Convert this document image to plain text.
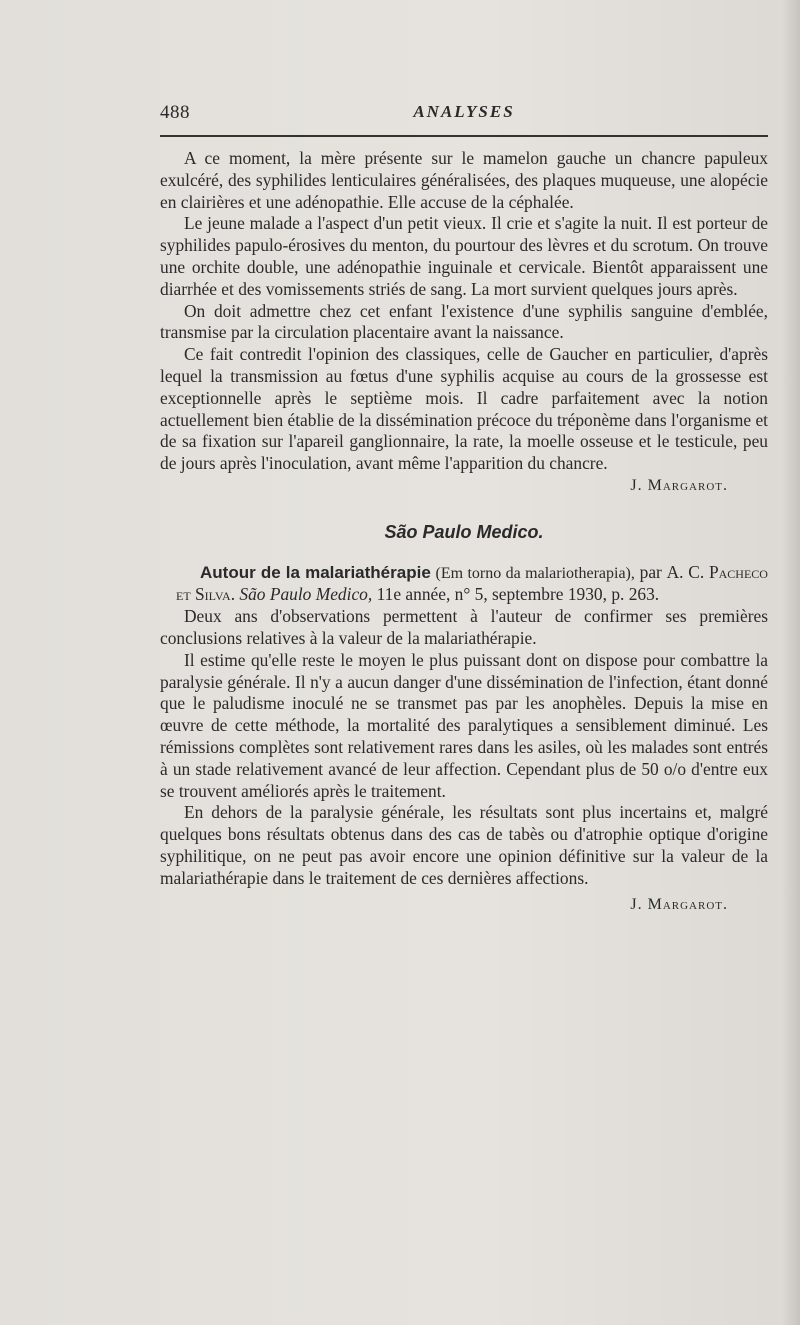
488	ANALYSES

A ce moment, la mère présente sur le mamelon gauche un chancre papuleux exulcéré, des syphilides lenticulaires généralisées, des plaques muqueuse, une alopécie en clairières et une adénopathie. Elle accuse de la céphalée.

Le jeune malade a l'aspect d'un petit vieux. Il crie et s'agite la nuit. Il est porteur de syphilides papulo-érosives du menton, du pourtour des lèvres et du scrotum. On trouve une orchite double, une adénopathie inguinale et cervicale. Bientôt apparaissent une diarrhée et des vomissements striés de sang. La mort survient quelques jours après.

On doit admettre chez cet enfant l'existence d'une syphilis sanguine d'emblée, transmise par la circulation placentaire avant la naissance.

Ce fait contredit l'opinion des classiques, celle de Gaucher en particulier, d'après lequel la transmission au fœtus d'une syphilis acquise au cours de la grossesse est exceptionnelle après le septième mois. Il cadre parfaitement avec la notion actuellement bien établie de la dissémination précoce du tréponème dans l'organisme et de sa fixation sur l'apareil ganglionnaire, la rate, la moelle osseuse et le testicule, peu de jours après l'inoculation, avant même l'apparition du chancre.

J. Margarot.

São Paulo Medico.

Autour de la malariathérapie (Em torno da malariotherapia), par A. C. Pacheco et Silva. São Paulo Medico, 11e année, n° 5, septembre 1930, p. 263.

Deux ans d'observations permettent à l'auteur de confirmer ses premières conclusions relatives à la valeur de la malariathérapie.

Il estime qu'elle reste le moyen le plus puissant dont on dispose pour combattre la paralysie générale. Il n'y a aucun danger d'une dissémination de l'infection, étant donné que le paludisme inoculé ne se transmet pas par les anophèles. Depuis la mise en œuvre de cette méthode, la mortalité des paralytiques a sensiblement diminué. Les rémissions complètes sont relativement rares dans les asiles, où les malades sont entrés à un stade relativement avancé de leur affection. Cependant plus de 50 o/o d'entre eux se trouvent améliorés après le traitement.

En dehors de la paralysie générale, les résultats sont plus incertains et, malgré quelques bons résultats obtenus dans des cas de tabès ou d'atrophie optique d'origine syphilitique, on ne peut pas avoir encore une opinion définitive sur la valeur de la malariathérapie dans le traitement de ces dernières affections.

J. Margarot.
